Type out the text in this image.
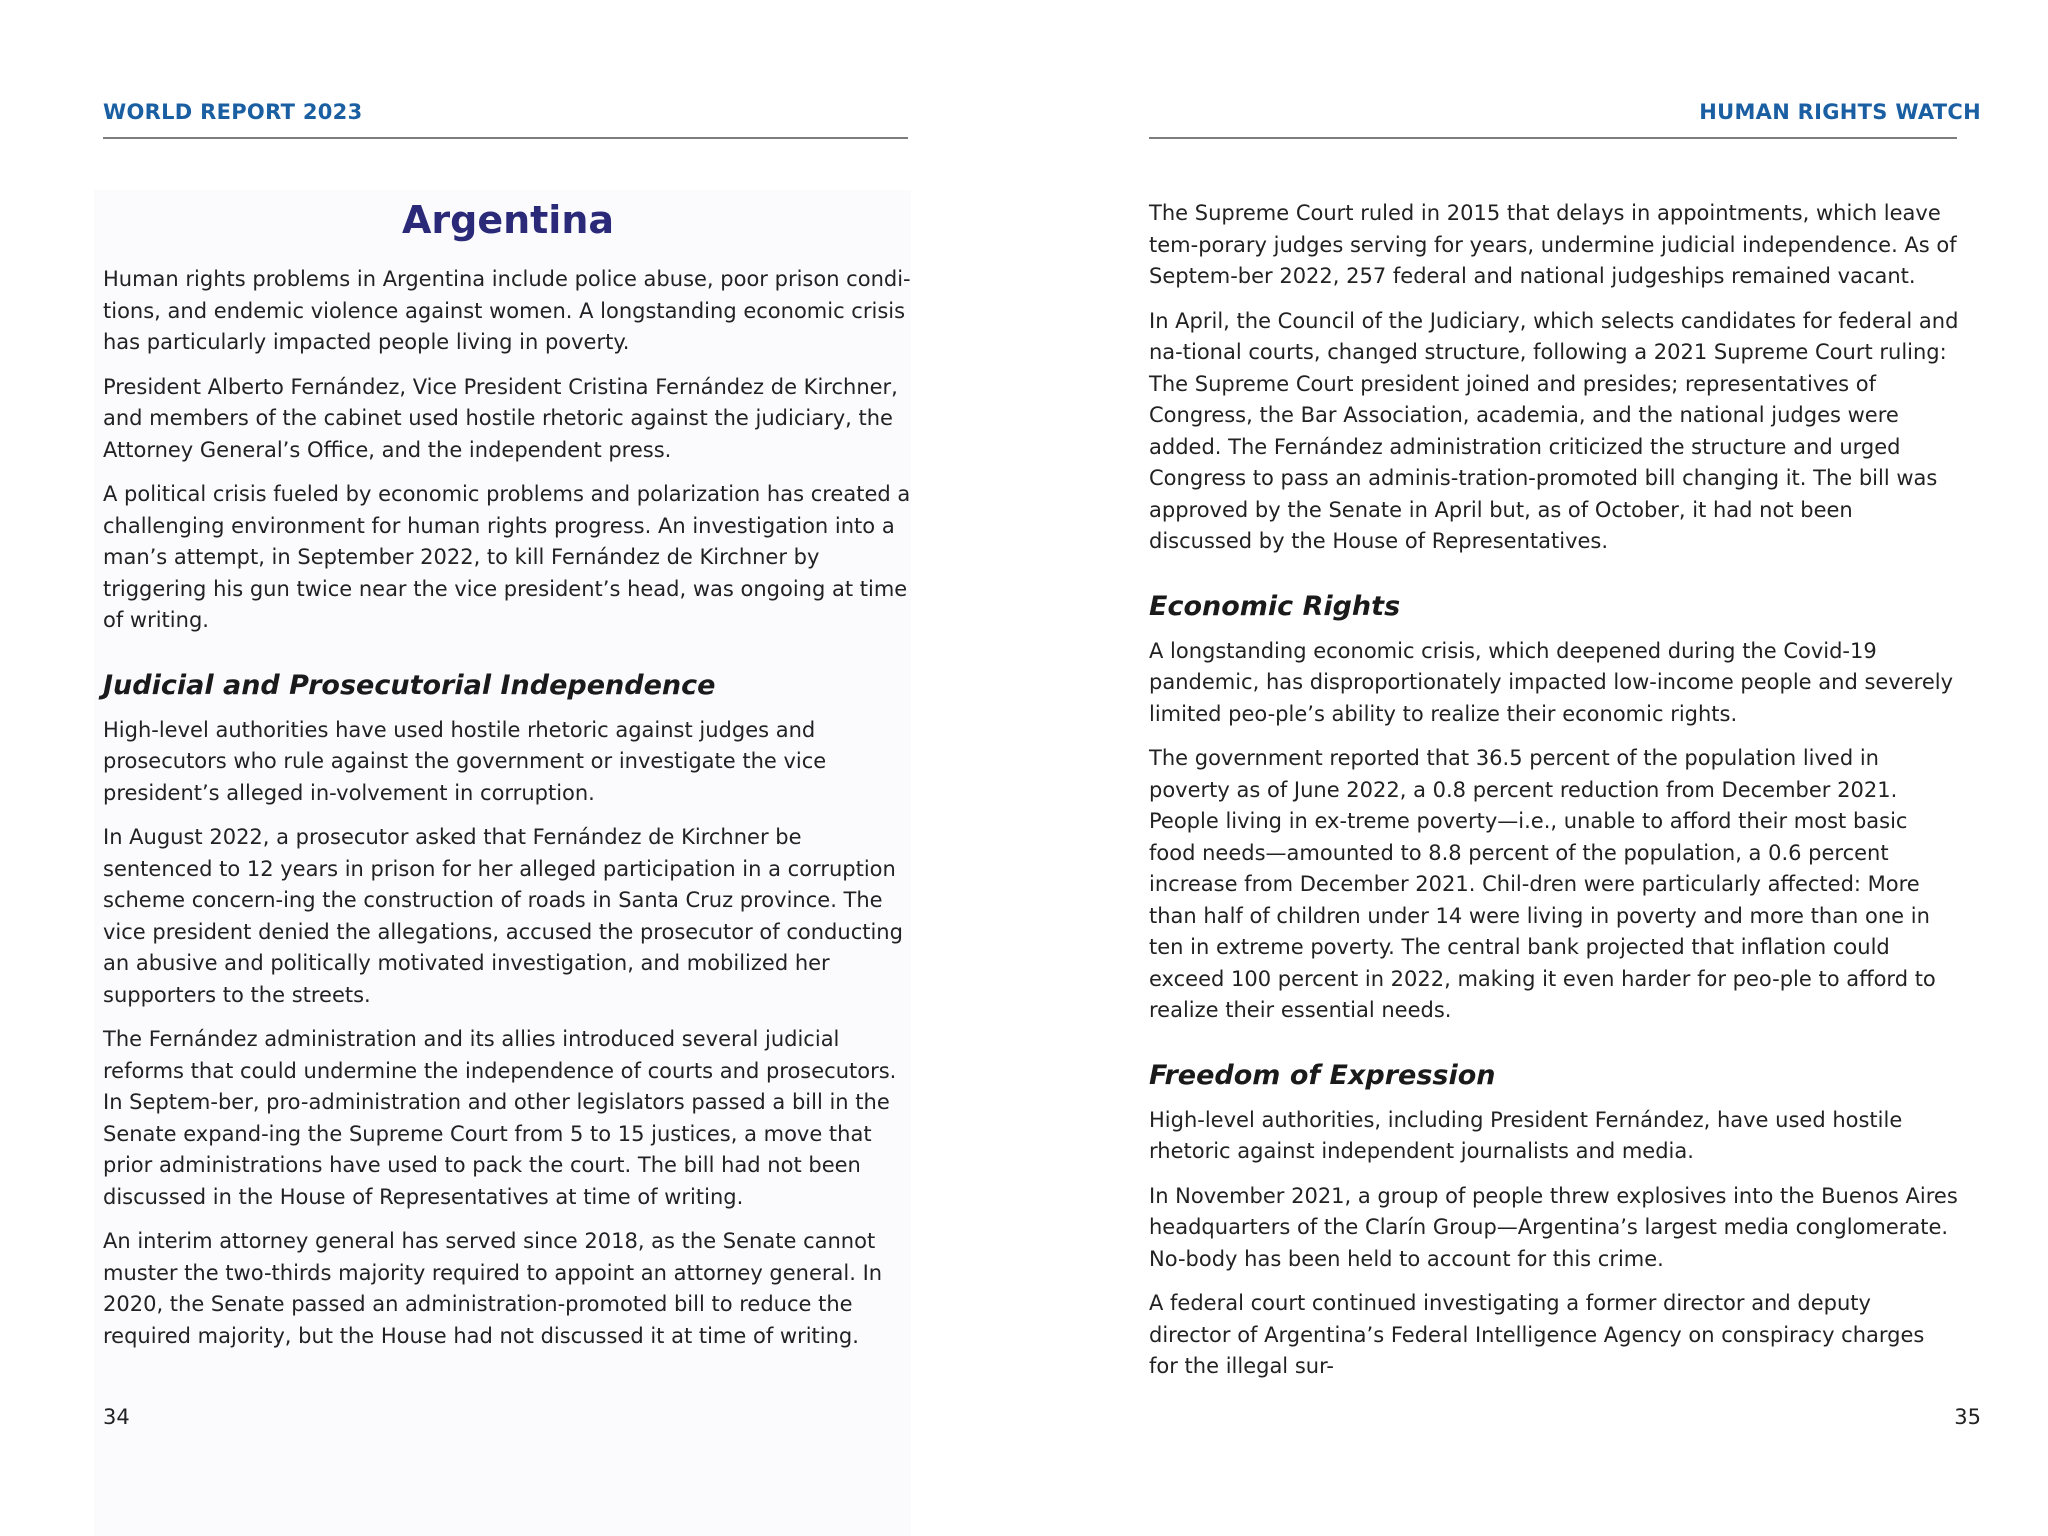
WORLD REPORT 2023
Argentina

Human rights problems in Argentina include police abuse, poor prison condi-tions, and endemic violence against women. A longstanding economic crisis has particularly impacted people living in poverty.

President Alberto Fernández, Vice President Cristina Fernández de Kirchner, and members of the cabinet used hostile rhetoric against the judiciary, the Attorney General’s Office, and the independent press.

A political crisis fueled by economic problems and polarization has created a challenging environment for human rights progress. An investigation into a man’s attempt, in September 2022, to kill Fernández de Kirchner by triggering his gun twice near the vice president’s head, was ongoing at time of writing.

Judicial and Prosecutorial Independence

High-level authorities have used hostile rhetoric against judges and prosecutors who rule against the government or investigate the vice president’s alleged in-volvement in corruption.

In August 2022, a prosecutor asked that Fernández de Kirchner be sentenced to 12 years in prison for her alleged participation in a corruption scheme concern-ing the construction of roads in Santa Cruz province. The vice president denied the allegations, accused the prosecutor of conducting an abusive and politically motivated investigation, and mobilized her supporters to the streets.

The Fernández administration and its allies introduced several judicial reforms that could undermine the independence of courts and prosecutors. In Septem-ber, pro-administration and other legislators passed a bill in the Senate expand-ing the Supreme Court from 5 to 15 justices, a move that prior administrations have used to pack the court. The bill had not been discussed in the House of Representatives at time of writing.

An interim attorney general has served since 2018, as the Senate cannot muster the two-thirds majority required to appoint an attorney general. In 2020, the Senate passed an administration-promoted bill to reduce the required majority, but the House had not discussed it at time of writing.

34
HUMAN RIGHTS WATCH

The Supreme Court ruled in 2015 that delays in appointments, which leave tem-porary judges serving for years, undermine judicial independence. As of Septem-ber 2022, 257 federal and national judgeships remained vacant.

In April, the Council of the Judiciary, which selects candidates for federal and na-tional courts, changed structure, following a 2021 Supreme Court ruling: The Supreme Court president joined and presides; representatives of Congress, the Bar Association, academia, and the national judges were added. The Fernández administration criticized the structure and urged Congress to pass an adminis-tration-promoted bill changing it. The bill was approved by the Senate in April but, as of October, it had not been discussed by the House of Representatives.

Economic Rights

A longstanding economic crisis, which deepened during the Covid-19 pandemic, has disproportionately impacted low-income people and severely limited peo-ple’s ability to realize their economic rights.

The government reported that 36.5 percent of the population lived in poverty as of June 2022, a 0.8 percent reduction from December 2021. People living in ex-treme poverty—i.e., unable to afford their most basic food needs—amounted to 8.8 percent of the population, a 0.6 percent increase from December 2021. Chil-dren were particularly affected: More than half of children under 14 were living in poverty and more than one in ten in extreme poverty. The central bank projected that inflation could exceed 100 percent in 2022, making it even harder for peo-ple to afford to realize their essential needs.

Freedom of Expression

High-level authorities, including President Fernández, have used hostile rhetoric against independent journalists and media.

In November 2021, a group of people threw explosives into the Buenos Aires headquarters of the Clarín Group—Argentina’s largest media conglomerate. No-body has been held to account for this crime.

A federal court continued investigating a former director and deputy director of Argentina’s Federal Intelligence Agency on conspiracy charges for the illegal sur-

35
